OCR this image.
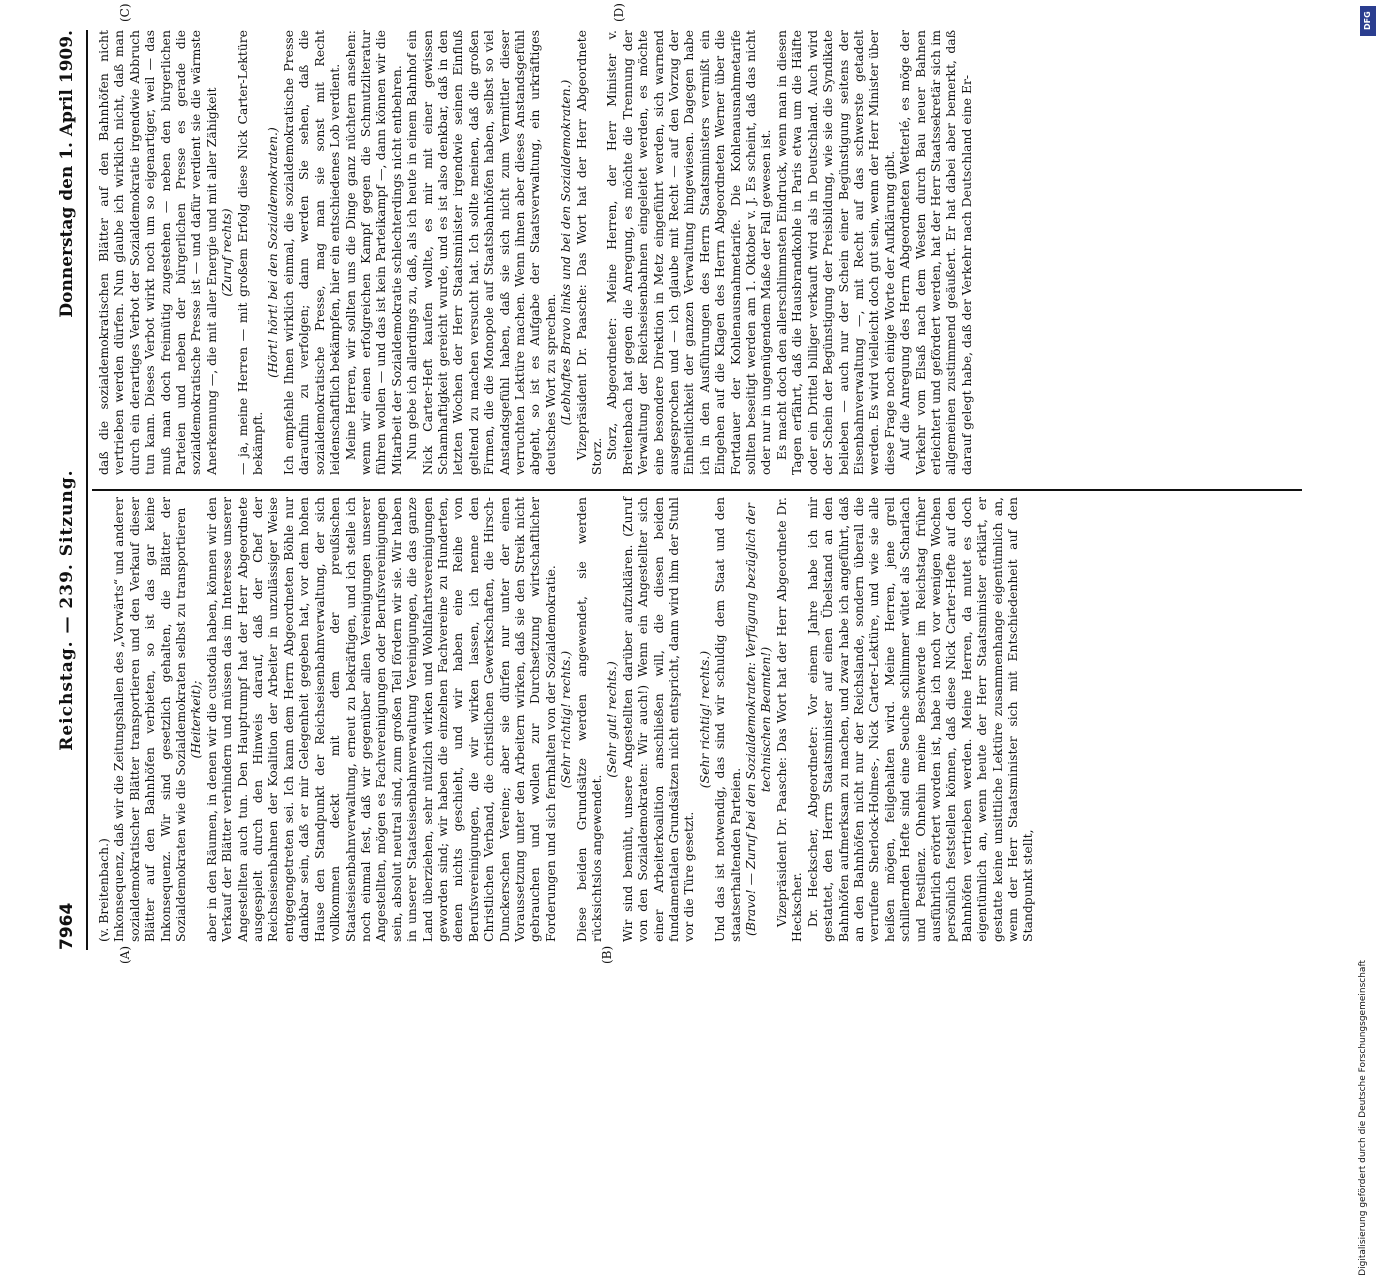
7964
Reichstag. — 239. Sitzung.
Donnerstag den 1. April 1909.
(A)	(B)
(C)	(D)

(v. Breitenbach.) Inkonsequenz, daß wir die Zeitungshallen des „Vorwärts“ und anderer sozialdemokratischer Blätter transportieren und den Verkauf dieser Blätter auf den Bahnhöfen verbieten, so ist das gar keine Inkonsequenz. Wir sind gesetzlich gehalten, die Blätter der Sozialdemokraten wie die Sozialdemokraten selbst zu transportieren (Heiterkeit); aber in den Räumen, in denen wir die custodia haben, können wir den Verkauf der Blätter verhindern und müssen das im Interesse unserer Angestellten auch tun. Den Hauptrumpf hat der Herr Abgeordnete ausgespielt durch den Hinweis darauf, daß der Chef der Reichseisenbahnen der Koalition der Arbeiter in unzulässiger Weise entgegengetreten sei. Ich kann dem Herrn Abgeordneten Böhle nur dankbar sein, daß er mir Gelegenheit gegeben hat, vor dem hohen Hause den Standpunkt der Reichseisenbahnverwaltung, der sich vollkommen deckt mit dem der preußischen Staatseisenbahnverwaltung, erneut zu bekräftigen, und ich stelle ich noch einmal fest, daß wir gegenüber allen Vereinigungen unserer Angestellten, mögen es Fachvereinigungen oder Berufsvereinigungen sein, absolut neutral sind, zum großen Teil fördern wir sie. Wir haben in unserer Staatseisenbahnverwaltung Vereinigungen, die das ganze Land überziehen, sehr nützlich wirken und Wohlfahrtsvereinigungen geworden sind; wir haben die einzelnen Fachvereine zu Hunderten, denen nichts geschieht, und wir haben eine Reihe von Berufsvereinigungen, die wir wirken lassen, ich nenne den Christlichen Verband, die christlichen Gewerkschaften, die Hirsch-Dunckerschen Vereine; aber sie dürfen nur unter der einen Voraussetzung unter den Arbeitern wirken, daß sie den Streik nicht gebrauchen und wollen zur Durchsetzung wirtschaftlicher Forderungen und sich fernhalten von der Sozialdemokratie. (Sehr richtig! rechts.) Diese beiden Grundsätze werden angewendet, sie werden rücksichtslos angewendet.

(Sehr gut! rechts.) Wir sind bemüht, unsere Angestellten darüber aufzuklären. (Zuruf von den Sozialdemokraten: Wir auch!) Wenn ein Angestellter sich einer Arbeiterkoalition anschließen will, die diesen beiden fundamentalen Grundsätzen nicht entspricht, dann wird ihm der Stuhl vor die Türe gesetzt.

(Sehr richtig! rechts.) Und das ist notwendig, das sind wir schuldig dem Staat und den staatserhaltenden Parteien. (Bravo! — Zuruf bei den Sozialdemokraten: Verfügung bezüglich der technischen Beamten!) Vizepräsident Dr. Paasche: Das Wort hat der Herr Abgeordnete Dr. Heckscher. Dr. Heckscher, Abgeordneter: Vor einem Jahre habe ich mir gestattet, den Herrn Staatsminister auf einen Übelstand an den Bahnhöfen aufmerksam zu machen, und zwar habe ich angeführt, daß an den Bahnhöfen nicht nur der Reichslande, sondern überall die verrufene Sherlock-Holmes-, Nick Carter-Lektüre, und wie sie alle heißen mögen, feilgehalten wird. Meine Herren, jene grell schillernden Hefte sind eine Seuche schlimmer wütet als Scharlach und Pestilenz. Ohnehin meine Beschwerde im Reichstag früher ausführlich erörtert worden ist, habe ich noch vor wenigen Wochen persönlich feststellen können, daß diese Nick Carter-Hefte auf den Bahnhöfen vertrieben werden. Meine Herren, da mutet es doch eigentümlich an, wenn heute der Herr Staatsminister erklärt, er gestatte keine unsittliche Lektüre zusammenhange eigentümlich an, wenn der Herr Staatsminister sich mit Entschiedenheit auf den Standpunkt stellt,

daß die sozialdemokratischen Blätter auf den Bahnhöfen nicht vertrieben werden dürfen. Nun glaube ich wirklich nicht, daß man durch ein derartiges Verbot der Sozialdemokratie irgendwie Abbruch tun kann. Dieses Verbot wirkt noch um so eigenartiger, weil — das muß man doch freimütig zugestehen — neben den bürgerlichen Parteien und neben der bürgerlichen Presse es gerade die sozialdemokratische Presse ist — und dafür verdient sie die wärmste Anerkennung —, die mit aller Energie und mit aller Zähigkeit (Zuruf rechts) — ja, meine Herren — mit großem Erfolg diese Nick Carter-Lektüre bekämpft.

(Hört! hört! bei den Sozialdemokraten.) Ich empfehle Ihnen wirklich einmal, die sozialdemokratische Presse daraufhin zu verfolgen; dann werden Sie sehen, daß die sozialdemokratische Presse, mag man sie sonst mit Recht leidenschaftlich bekämpfen, hier ein entschiedenes Lob verdient. Meine Herren, wir sollten uns die Dinge ganz nüchtern ansehen: wenn wir einen erfolgreichen Kampf gegen die Schmutzliteratur führen wollen — und das ist kein Parteikampf —, dann können wir die Mitarbeit der Sozialdemokratie schlechterdings nicht entbehren. Nun gebe ich allerdings zu, daß, als ich heute in einem Bahnhof ein Nick Carter-Heft kaufen wollte, es mir mit einer gewissen Schamhaftigkeit gereicht wurde, und es ist also denkbar, daß in den letzten Wochen der Herr Staatsminister irgendwie seinen Einfluß geltend zu machen versucht hat. Ich sollte meinen, daß die großen Firmen, die die Monopole auf Staatsbahnhöfen haben, selbst so viel Anstandsgefühl haben, daß sie sich nicht zum Vermittler dieser verruchten Lektüre machen. Wenn ihnen aber dieses Anstandsgefühl abgeht, so ist es Aufgabe der Staatsverwaltung, ein urkräftiges deutsches Wort zu sprechen. (Lebhaftes Bravo links und bei den Sozialdemokraten.) Vizepräsident Dr. Paasche: Das Wort hat der Herr Abgeordnete Storz. Storz, Abgeordneter: Meine Herren, der Herr Minister v. Breitenbach hat gegen die Anregung, es möchte die Trennung der Verwaltung der Reichseisenbahnen eingeleitet werden, es möchte eine besondere Direktion in Metz eingeführt werden, sich warnend ausgesprochen und — ich glaube mit Recht — auf den Vorzug der Einheitlichkeit der ganzen Verwaltung hingewiesen. Dagegen habe ich in den Ausführungen des Herrn Staatsministers vermißt ein Eingehen auf die Klagen des Herrn Abgeordneten Werner über die Fortdauer der Kohlenausnahmetarife. Die Kohlenausnahmetarife sollten beseitigt werden am 1. Oktober v. J. Es scheint, daß das nicht oder nur in ungenügendem Maße der Fall gewesen ist. Es macht doch den allerschlimmsten Eindruck, wenn man in diesen Tagen erfährt, daß die Hausbrandkohle in Paris etwa um die Hälfte oder ein Drittel billiger verkauft wird als in Deutschland. Auch wird der Schein der Begünstigung der Preisbildung, wie sie die Syndikate belieben — auch nur der Schein einer Begünstigung seitens der Eisenbahnverwaltung —, mit Recht auf das schwerste getadelt werden. Es wird vielleicht doch gut sein, wenn der Herr Minister über diese Frage noch einige Worte der Aufklärung gibt. Auf die Anregung des Herrn Abgeordneten Wetterlé, es möge der Verkehr vom Elsaß nach dem Westen durch Bau neuer Bahnen erleichtert und gefördert werden, hat der Herr Staatssekretär sich im allgemeinen zustimmend geäußert. Er hat dabei aber bemerkt, daß darauf gelegt habe, daß der Verkehr nach Deutschland eine Er-

Digitalisierung gefördert durch die Deutsche Forschungsgemeinschaft
DFG
